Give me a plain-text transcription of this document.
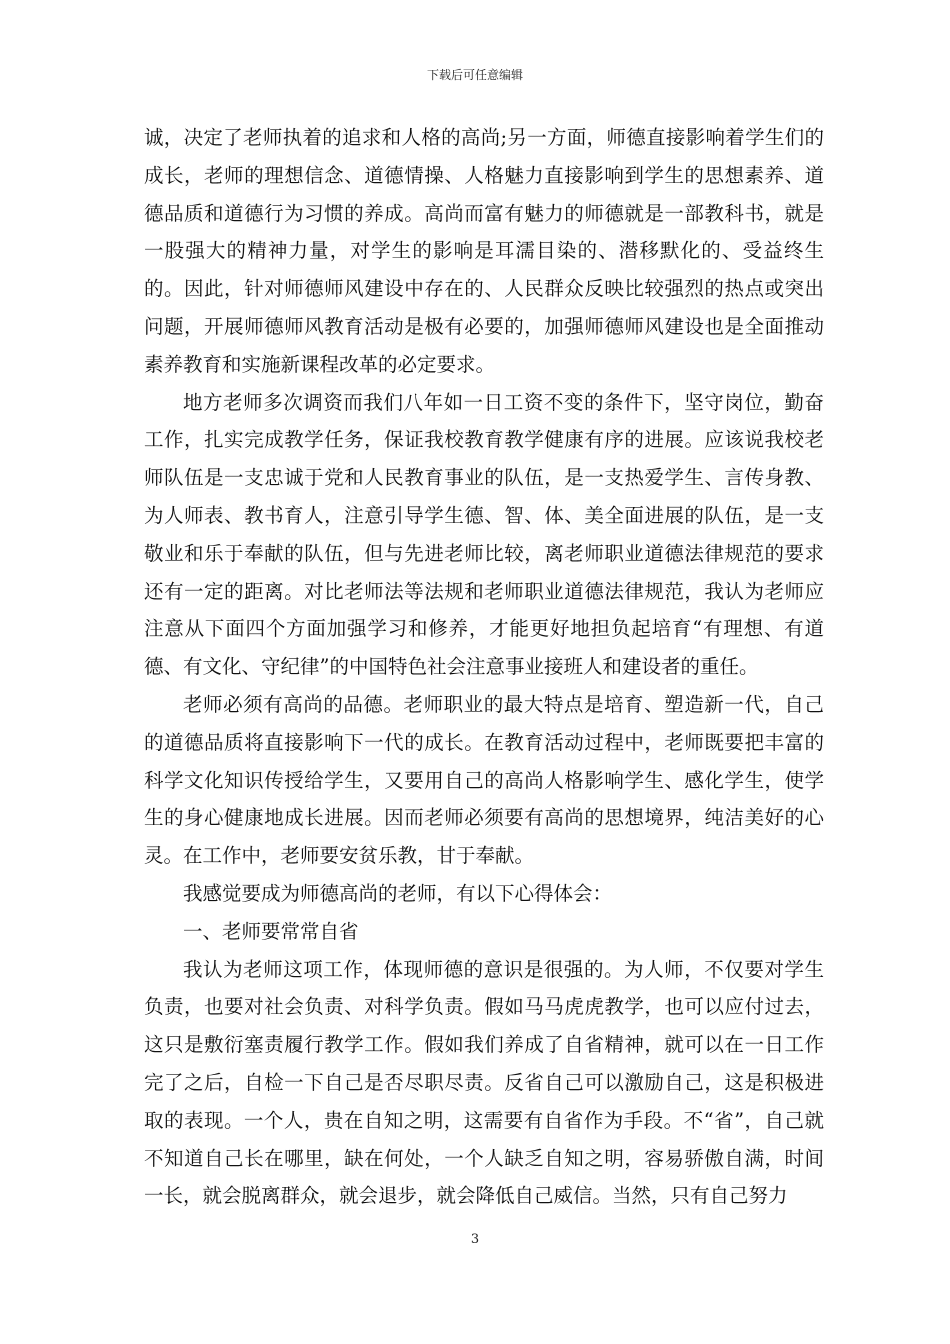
下载后可任意编辑

诚，决定了老师执着的追求和人格的高尚;另一方面，师德直接影响着学生们的成长，老师的理想信念、道德情操、人格魅力直接影响到学生的思想素养、道德品质和道德行为习惯的养成。高尚而富有魅力的师德就是一部教科书，就是一股强大的精神力量，对学生的影响是耳濡目染的、潜移默化的、受益终生的。因此，针对师德师风建设中存在的、人民群众反映比较强烈的热点或突出问题，开展师德师风教育活动是极有必要的，加强师德师风建设也是全面推动素养教育和实施新课程改革的必定要求。

地方老师多次调资而我们八年如一日工资不变的条件下，坚守岗位，勤奋工作，扎实完成教学任务，保证我校教育教学健康有序的进展。应该说我校老师队伍是一支忠诚于党和人民教育事业的队伍，是一支热爱学生、言传身教、为人师表、教书育人，注意引导学生德、智、体、美全面进展的队伍，是一支敬业和乐于奉献的队伍，但与先进老师比较，离老师职业道德法律规范的要求还有一定的距离。对比老师法等法规和老师职业道德法律规范，我认为老师应注意从下面四个方面加强学习和修养，才能更好地担负起培育“有理想、有道德、有文化、守纪律”的中国特色社会注意事业接班人和建设者的重任。

老师必须有高尚的品德。老师职业的最大特点是培育、塑造新一代，自己的道德品质将直接影响下一代的成长。在教育活动过程中，老师既要把丰富的科学文化知识传授给学生，又要用自己的高尚人格影响学生、感化学生，使学生的身心健康地成长进展。因而老师必须要有高尚的思想境界，纯洁美好的心灵。在工作中，老师要安贫乐教，甘于奉献。

我感觉要成为师德高尚的老师，有以下心得体会：

一、老师要常常自省

我认为老师这项工作，体现师德的意识是很强的。为人师，不仅要对学生负责，也要对社会负责、对科学负责。假如马马虎虎教学，也可以应付过去，这只是敷衍塞责履行教学工作。假如我们养成了自省精神，就可以在一日工作完了之后，自检一下自己是否尽职尽责。反省自己可以激励自己，这是积极进取的表现。一个人，贵在自知之明，这需要有自省作为手段。不“省”，自己就不知道自己长在哪里，缺在何处，一个人缺乏自知之明，容易骄傲自满，时间一长，就会脱离群众，就会退步，就会降低自己威信。当然，只有自己努力

3
